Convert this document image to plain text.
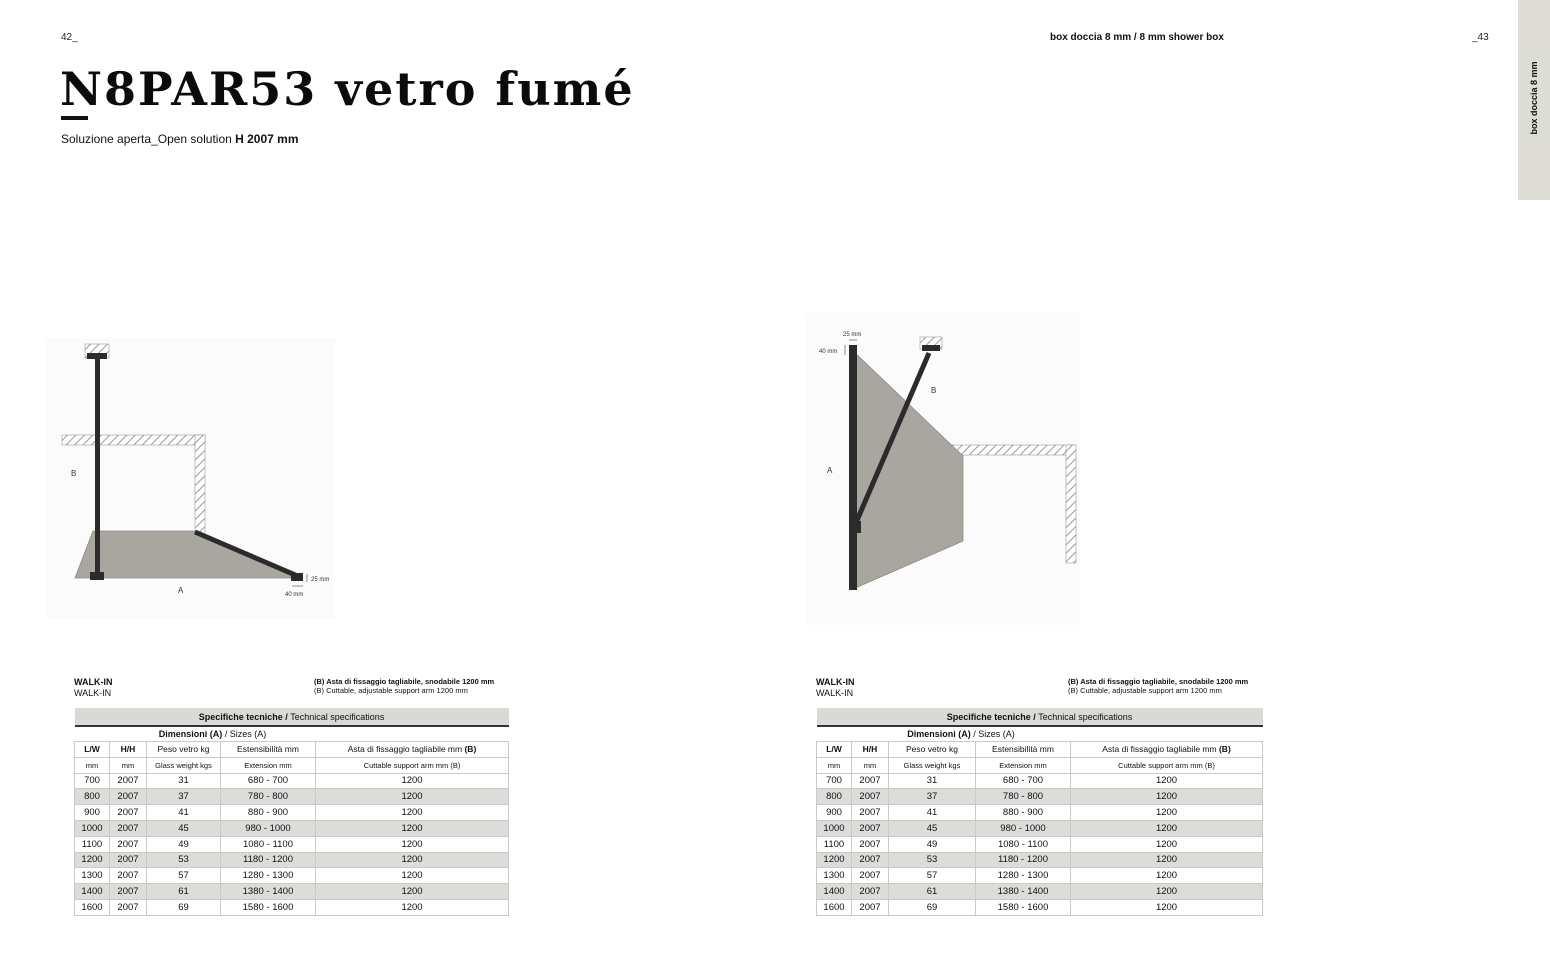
42_	_43
box doccia 8 mm / 8 mm shower box
box doccia 8 mm
N8PAR53 vetro fumé
Soluzione aperta_Open solution H 2007 mm
B
A
25 mm
40 mm
25 mm
40 mm
B
A
WALK-IN
WALK-IN
(B) Asta di fissaggio tagliabile, snodabile 1200 mm
(B) Cuttable, adjustable support arm 1200 mm
Specifiche tecniche / Technical specifications				
	Dimensioni (A) / Sizes (A)			
L/W	H/H	Peso vetro kg	Estensibilità mm	Asta di fissaggio tagliabile mm (B)
mm	mm	Glass weight kgs	Extension mm	Cuttable support arm mm (B)
700	2007	31	680 - 700	1200
800	2007	37	780 - 800	1200
900	2007	41	880 - 900	1200
1000	2007	45	980 - 1000	1200
1100	2007	49	1080 - 1100	1200
1200	2007	53	1180 - 1200	1200
1300	2007	57	1280 - 1300	1200
1400	2007	61	1380 - 1400	1200
1600	2007	69	1580 - 1600	1200
WALK-IN
WALK-IN
(B) Asta di fissaggio tagliabile, snodabile 1200 mm
(B) Cuttable, adjustable support arm 1200 mm
Specifiche tecniche / Technical specifications				
	Dimensioni (A) / Sizes (A)			
L/W	H/H	Peso vetro kg	Estensibilità mm	Asta di fissaggio tagliabile mm (B)
mm	mm	Glass weight kgs	Extension mm	Cuttable support arm mm (B)
700	2007	31	680 - 700	1200
800	2007	37	780 - 800	1200
900	2007	41	880 - 900	1200
1000	2007	45	980 - 1000	1200
1100	2007	49	1080 - 1100	1200
1200	2007	53	1180 - 1200	1200
1300	2007	57	1280 - 1300	1200
1400	2007	61	1380 - 1400	1200
1600	2007	69	1580 - 1600	1200
